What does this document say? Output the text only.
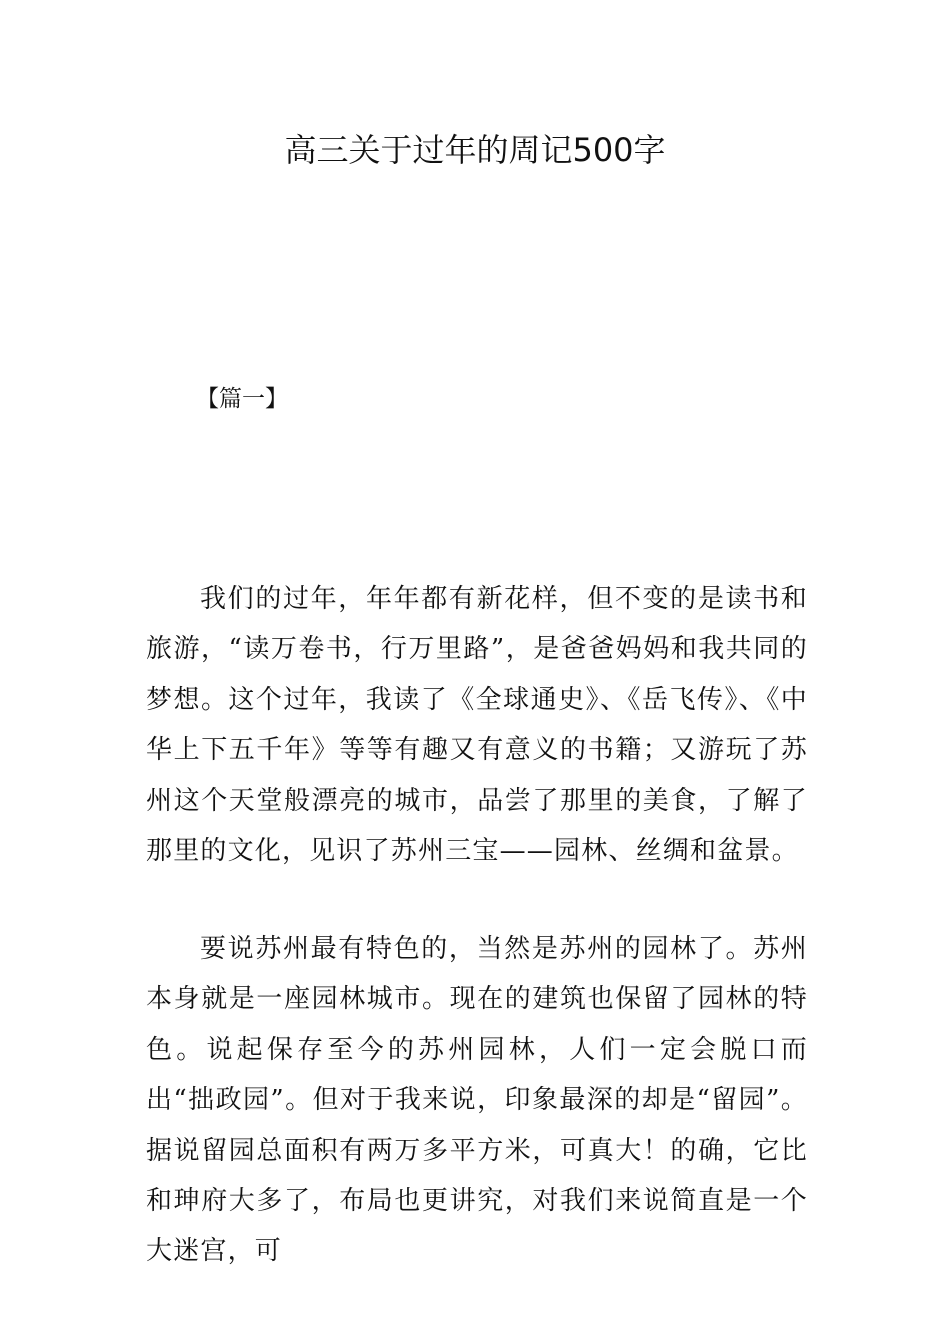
高三关于过年的周记500字
【篇一】

我们的过年，年年都有新花样，但不变的是读书和旅游，“读万卷书，行万里路”，是爸爸妈妈和我共同的梦想。这个过年，我读了《全球通史》、《岳飞传》、《中华上下五千年》等等有趣又有意义的书籍；又游玩了苏州这个天堂般漂亮的城市，品尝了那里的美食，了解了那里的文化，见识了苏州三宝——园林、丝绸和盆景。

要说苏州最有特色的，当然是苏州的园林了。苏州本身就是一座园林城市。现在的建筑也保留了园林的特色。说起保存至今的苏州园林，人们一定会脱口而出“拙政园”。但对于我来说，印象最深的却是“留园”。据说留园总面积有两万多平方米，可真大！的确，它比和珅府大多了，布局也更讲究，对我们来说简直是一个大迷宫，可
